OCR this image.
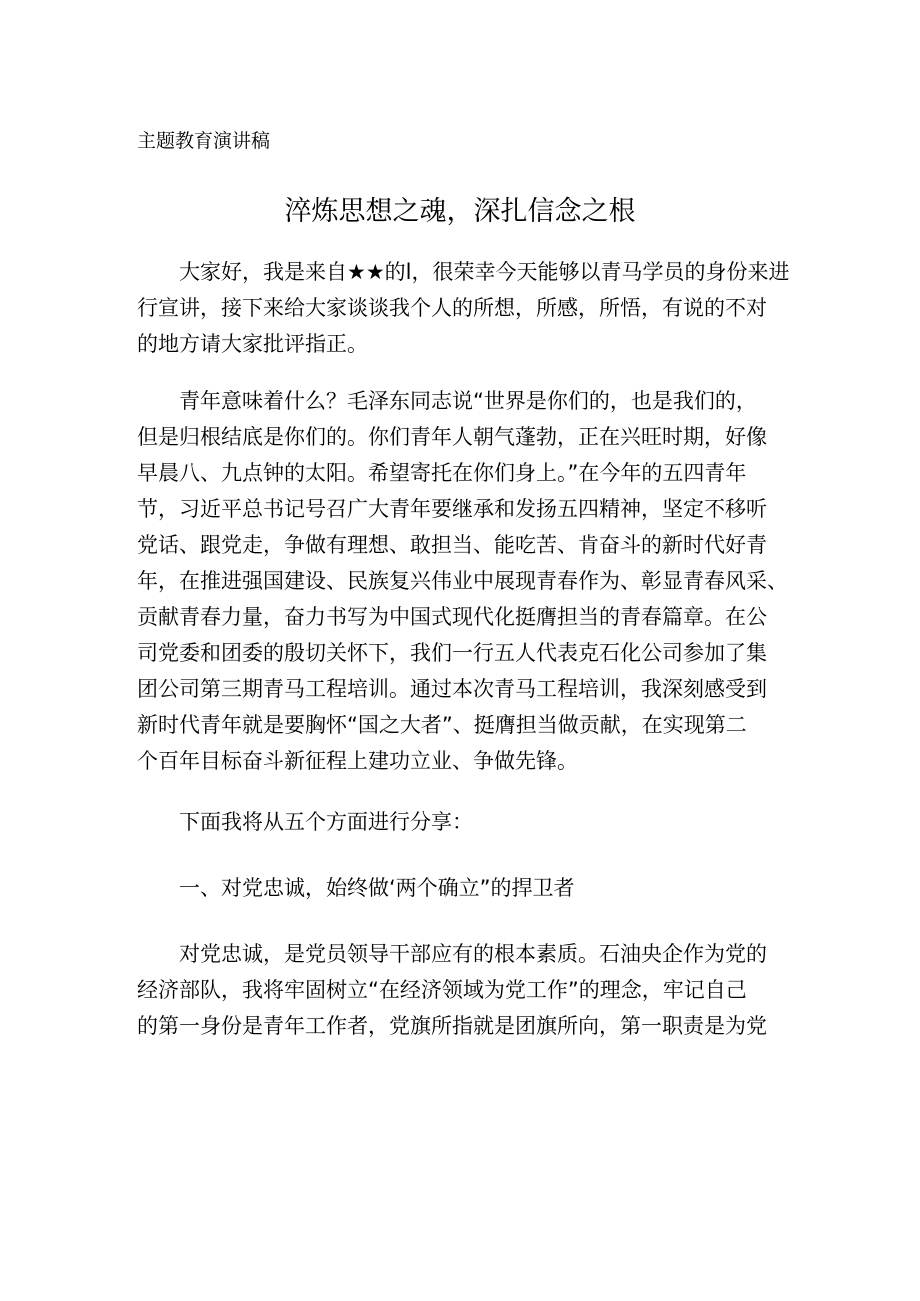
主题教育演讲稿
淬炼思想之魂，深扎信念之根
大家好，我是来自★★的l，很荣幸今天能够以青马学员的身份来进
行宣讲，接下来给大家谈谈我个人的所想，所感，所悟，有说的不对
的地方请大家批评指正。
青年意味着什么？毛泽东同志说“世界是你们的，也是我们的，
但是归根结底是你们的。你们青年人朝气蓬勃，正在兴旺时期，好像
早晨八、九点钟的太阳。希望寄托在你们身上。”在今年的五四青年
节，习近平总书记号召广大青年要继承和发扬五四精神，坚定不移听
党话、跟党走，争做有理想、敢担当、能吃苦、肯奋斗的新时代好青
年，在推进强国建设、民族复兴伟业中展现青春作为、彰显青春风采、
贡献青春力量，奋力书写为中国式现代化挺膺担当的青春篇章。在公
司党委和团委的殷切关怀下，我们一行五人代表克石化公司参加了集
团公司第三期青马工程培训。通过本次青马工程培训，我深刻感受到
新时代青年就是要胸怀“国之大者”、挺膺担当做贡献，在实现第二
个百年目标奋斗新征程上建功立业、争做先锋。
下面我将从五个方面进行分享：
一、对党忠诚，始终做‘两个确立”的捍卫者
对党忠诚，是党员领导干部应有的根本素质。石油央企作为党的
经济部队，我将牢固树立“在经济领域为党工作”的理念，牢记自己
的第一身份是青年工作者，党旗所指就是团旗所向，第一职责是为党
